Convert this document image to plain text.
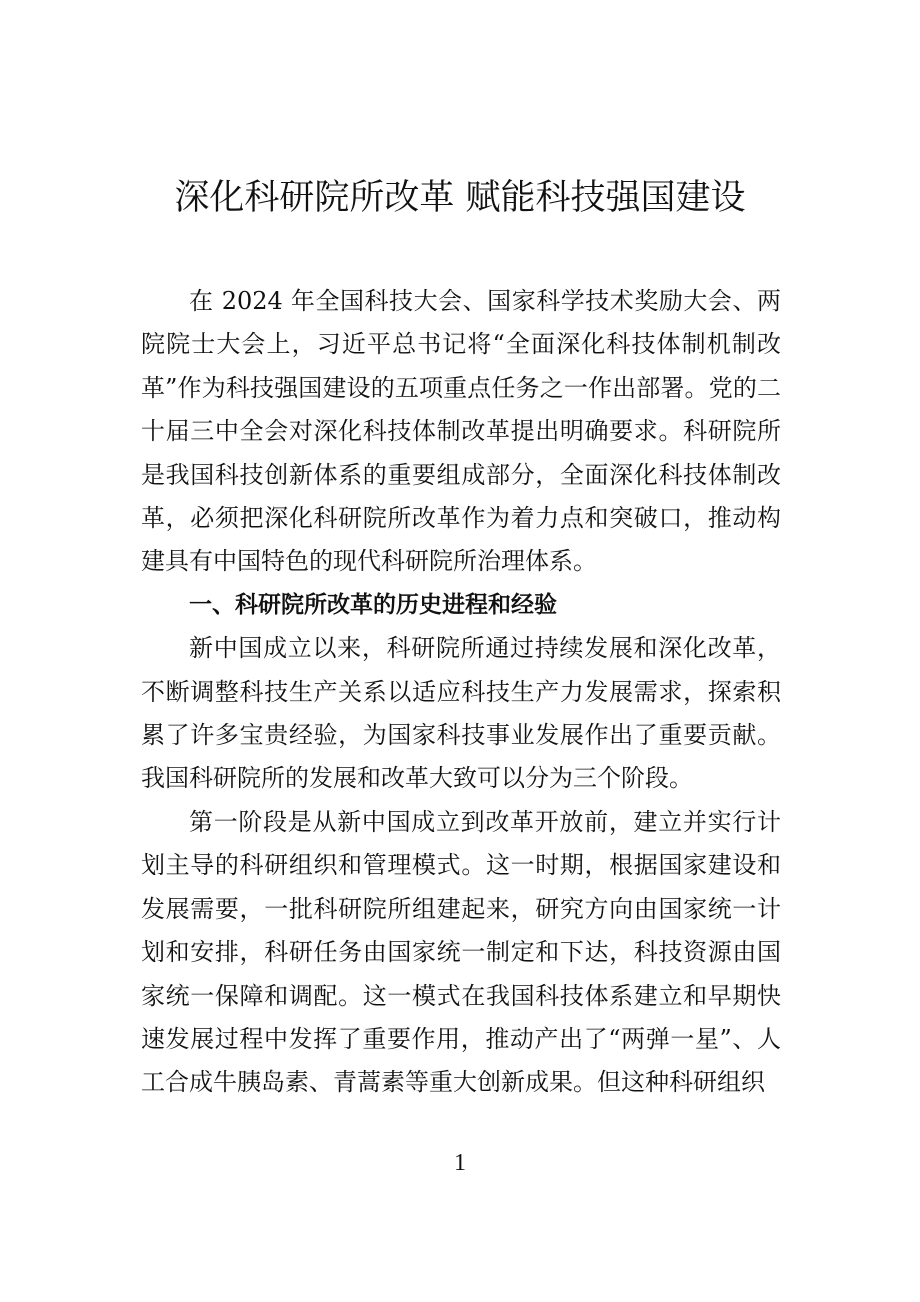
深化科研院所改革 赋能科技强国建设

在 2024 年全国科技大会、国家科学技术奖励大会、两院院士大会上，习近平总书记将“全面深化科技体制机制改革”作为科技强国建设的五项重点任务之一作出部署。党的二十届三中全会对深化科技体制改革提出明确要求。科研院所是我国科技创新体系的重要组成部分，全面深化科技体制改革，必须把深化科研院所改革作为着力点和突破口，推动构建具有中国特色的现代科研院所治理体系。

一、科研院所改革的历史进程和经验

新中国成立以来，科研院所通过持续发展和深化改革，不断调整科技生产关系以适应科技生产力发展需求，探索积累了许多宝贵经验，为国家科技事业发展作出了重要贡献。我国科研院所的发展和改革大致可以分为三个阶段。

第一阶段是从新中国成立到改革开放前，建立并实行计划主导的科研组织和管理模式。这一时期，根据国家建设和发展需要，一批科研院所组建起来，研究方向由国家统一计划和安排，科研任务由国家统一制定和下达，科技资源由国家统一保障和调配。这一模式在我国科技体系建立和早期快速发展过程中发挥了重要作用，推动产出了“两弹一星”、人工合成牛胰岛素、青蒿素等重大创新成果。但这种科研组织

1
